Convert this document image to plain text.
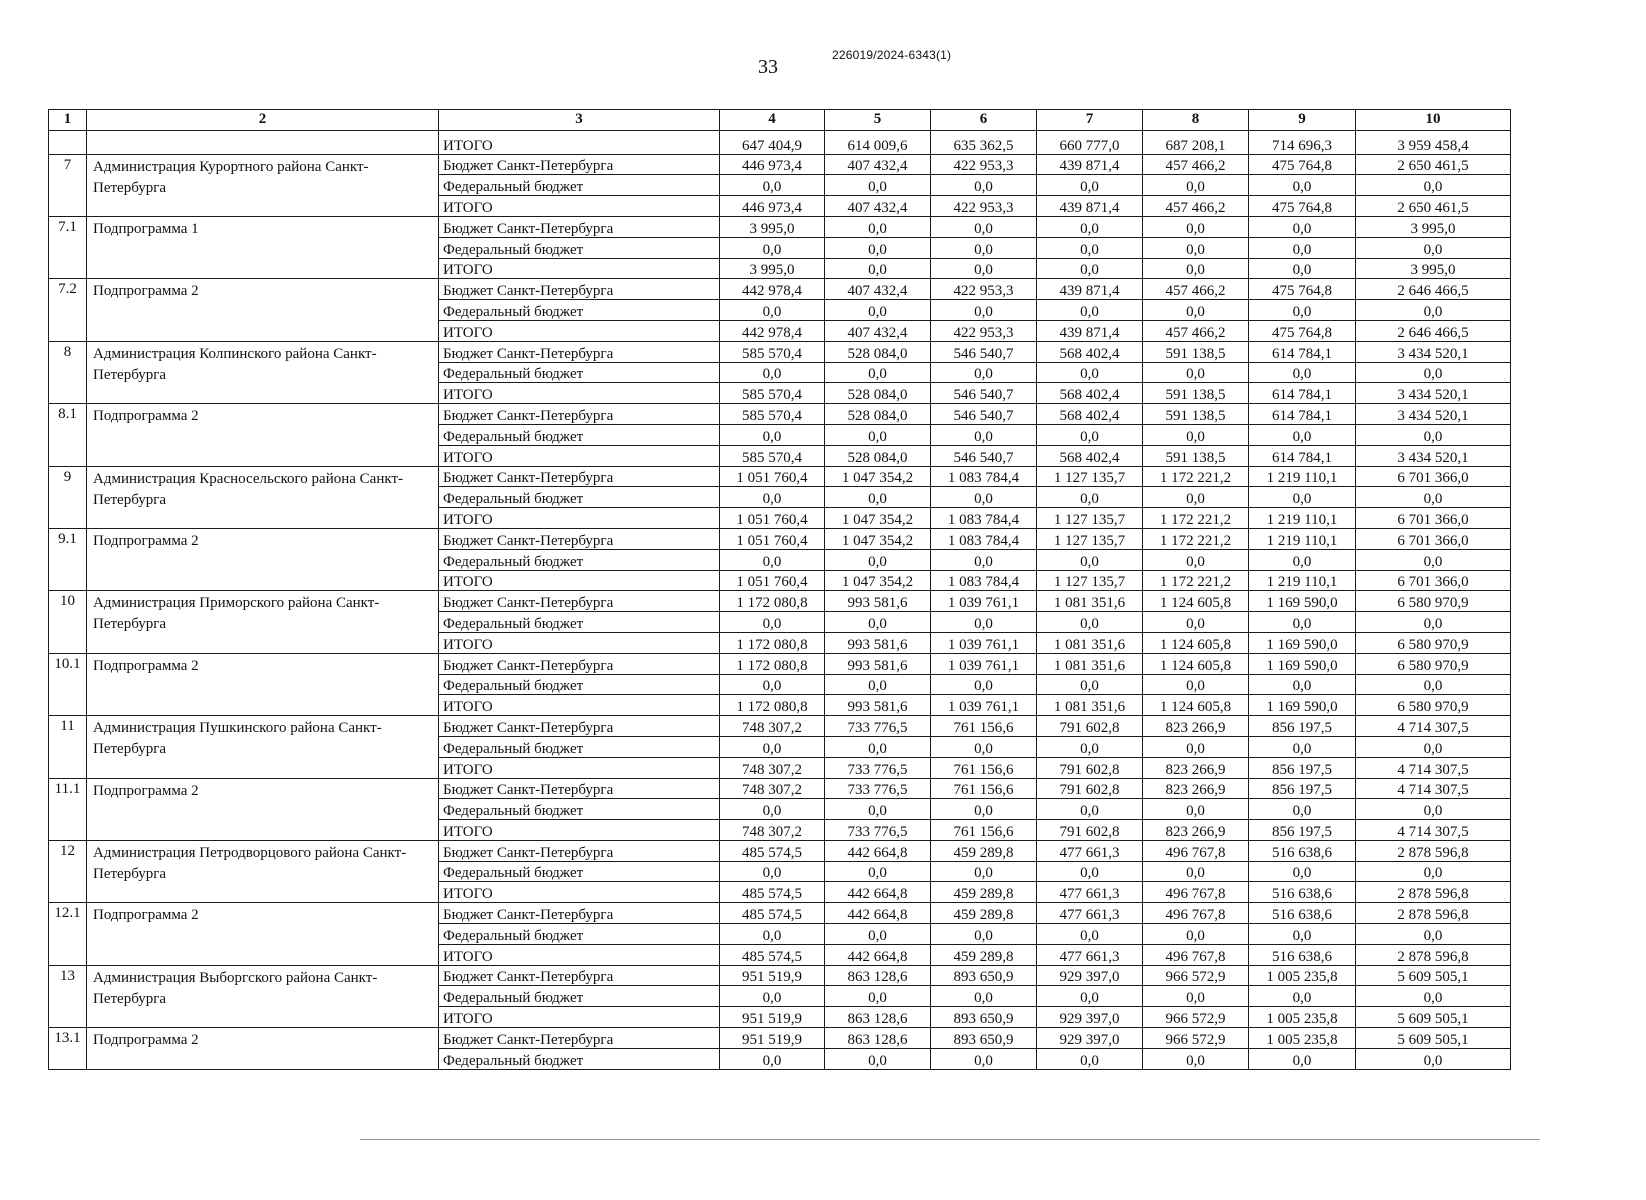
33
226019/2024-6343(1)
1	2	3	4	5	6	7	8	9	10
		ИТОГО	647 404,9	614 009,6	635 362,5	660 777,0	687 208,1	714 696,3	3 959 458,4
7	Администрация Курортного района Санкт-Петербурга	Бюджет Санкт-Петербурга	446 973,4	407 432,4	422 953,3	439 871,4	457 466,2	475 764,8	2 650 461,5
		Федеральный бюджет	0,0	0,0	0,0	0,0	0,0	0,0	0,0
		ИТОГО	446 973,4	407 432,4	422 953,3	439 871,4	457 466,2	475 764,8	2 650 461,5
7.1	Подпрограмма 1	Бюджет Санкт-Петербурга	3 995,0	0,0	0,0	0,0	0,0	0,0	3 995,0
		Федеральный бюджет	0,0	0,0	0,0	0,0	0,0	0,0	0,0
		ИТОГО	3 995,0	0,0	0,0	0,0	0,0	0,0	3 995,0
7.2	Подпрограмма 2	Бюджет Санкт-Петербурга	442 978,4	407 432,4	422 953,3	439 871,4	457 466,2	475 764,8	2 646 466,5
		Федеральный бюджет	0,0	0,0	0,0	0,0	0,0	0,0	0,0
		ИТОГО	442 978,4	407 432,4	422 953,3	439 871,4	457 466,2	475 764,8	2 646 466,5
8	Администрация Колпинского района Санкт-Петербурга	Бюджет Санкт-Петербурга	585 570,4	528 084,0	546 540,7	568 402,4	591 138,5	614 784,1	3 434 520,1
		Федеральный бюджет	0,0	0,0	0,0	0,0	0,0	0,0	0,0
		ИТОГО	585 570,4	528 084,0	546 540,7	568 402,4	591 138,5	614 784,1	3 434 520,1
8.1	Подпрограмма 2	Бюджет Санкт-Петербурга	585 570,4	528 084,0	546 540,7	568 402,4	591 138,5	614 784,1	3 434 520,1
		Федеральный бюджет	0,0	0,0	0,0	0,0	0,0	0,0	0,0
		ИТОГО	585 570,4	528 084,0	546 540,7	568 402,4	591 138,5	614 784,1	3 434 520,1
9	Администрация Красносельского района Санкт-Петербурга	Бюджет Санкт-Петербурга	1 051 760,4	1 047 354,2	1 083 784,4	1 127 135,7	1 172 221,2	1 219 110,1	6 701 366,0
		Федеральный бюджет	0,0	0,0	0,0	0,0	0,0	0,0	0,0
		ИТОГО	1 051 760,4	1 047 354,2	1 083 784,4	1 127 135,7	1 172 221,2	1 219 110,1	6 701 366,0
9.1	Подпрограмма 2	Бюджет Санкт-Петербурга	1 051 760,4	1 047 354,2	1 083 784,4	1 127 135,7	1 172 221,2	1 219 110,1	6 701 366,0
		Федеральный бюджет	0,0	0,0	0,0	0,0	0,0	0,0	0,0
		ИТОГО	1 051 760,4	1 047 354,2	1 083 784,4	1 127 135,7	1 172 221,2	1 219 110,1	6 701 366,0
10	Администрация Приморского района Санкт-Петербурга	Бюджет Санкт-Петербурга	1 172 080,8	993 581,6	1 039 761,1	1 081 351,6	1 124 605,8	1 169 590,0	6 580 970,9
		Федеральный бюджет	0,0	0,0	0,0	0,0	0,0	0,0	0,0
		ИТОГО	1 172 080,8	993 581,6	1 039 761,1	1 081 351,6	1 124 605,8	1 169 590,0	6 580 970,9
10.1	Подпрограмма 2	Бюджет Санкт-Петербурга	1 172 080,8	993 581,6	1 039 761,1	1 081 351,6	1 124 605,8	1 169 590,0	6 580 970,9
		Федеральный бюджет	0,0	0,0	0,0	0,0	0,0	0,0	0,0
		ИТОГО	1 172 080,8	993 581,6	1 039 761,1	1 081 351,6	1 124 605,8	1 169 590,0	6 580 970,9
11	Администрация Пушкинского района Санкт-Петербурга	Бюджет Санкт-Петербурга	748 307,2	733 776,5	761 156,6	791 602,8	823 266,9	856 197,5	4 714 307,5
		Федеральный бюджет	0,0	0,0	0,0	0,0	0,0	0,0	0,0
		ИТОГО	748 307,2	733 776,5	761 156,6	791 602,8	823 266,9	856 197,5	4 714 307,5
11.1	Подпрограмма 2	Бюджет Санкт-Петербурга	748 307,2	733 776,5	761 156,6	791 602,8	823 266,9	856 197,5	4 714 307,5
		Федеральный бюджет	0,0	0,0	0,0	0,0	0,0	0,0	0,0
		ИТОГО	748 307,2	733 776,5	761 156,6	791 602,8	823 266,9	856 197,5	4 714 307,5
12	Администрация Петродворцового района Санкт-Петербурга	Бюджет Санкт-Петербурга	485 574,5	442 664,8	459 289,8	477 661,3	496 767,8	516 638,6	2 878 596,8
		Федеральный бюджет	0,0	0,0	0,0	0,0	0,0	0,0	0,0
		ИТОГО	485 574,5	442 664,8	459 289,8	477 661,3	496 767,8	516 638,6	2 878 596,8
12.1	Подпрограмма 2	Бюджет Санкт-Петербурга	485 574,5	442 664,8	459 289,8	477 661,3	496 767,8	516 638,6	2 878 596,8
		Федеральный бюджет	0,0	0,0	0,0	0,0	0,0	0,0	0,0
		ИТОГО	485 574,5	442 664,8	459 289,8	477 661,3	496 767,8	516 638,6	2 878 596,8
13	Администрация Выборгского района Санкт-Петербурга	Бюджет Санкт-Петербурга	951 519,9	863 128,6	893 650,9	929 397,0	966 572,9	1 005 235,8	5 609 505,1
		Федеральный бюджет	0,0	0,0	0,0	0,0	0,0	0,0	0,0
		ИТОГО	951 519,9	863 128,6	893 650,9	929 397,0	966 572,9	1 005 235,8	5 609 505,1
13.1	Подпрограмма 2	Бюджет Санкт-Петербурга	951 519,9	863 128,6	893 650,9	929 397,0	966 572,9	1 005 235,8	5 609 505,1
		Федеральный бюджет	0,0	0,0	0,0	0,0	0,0	0,0	0,0
